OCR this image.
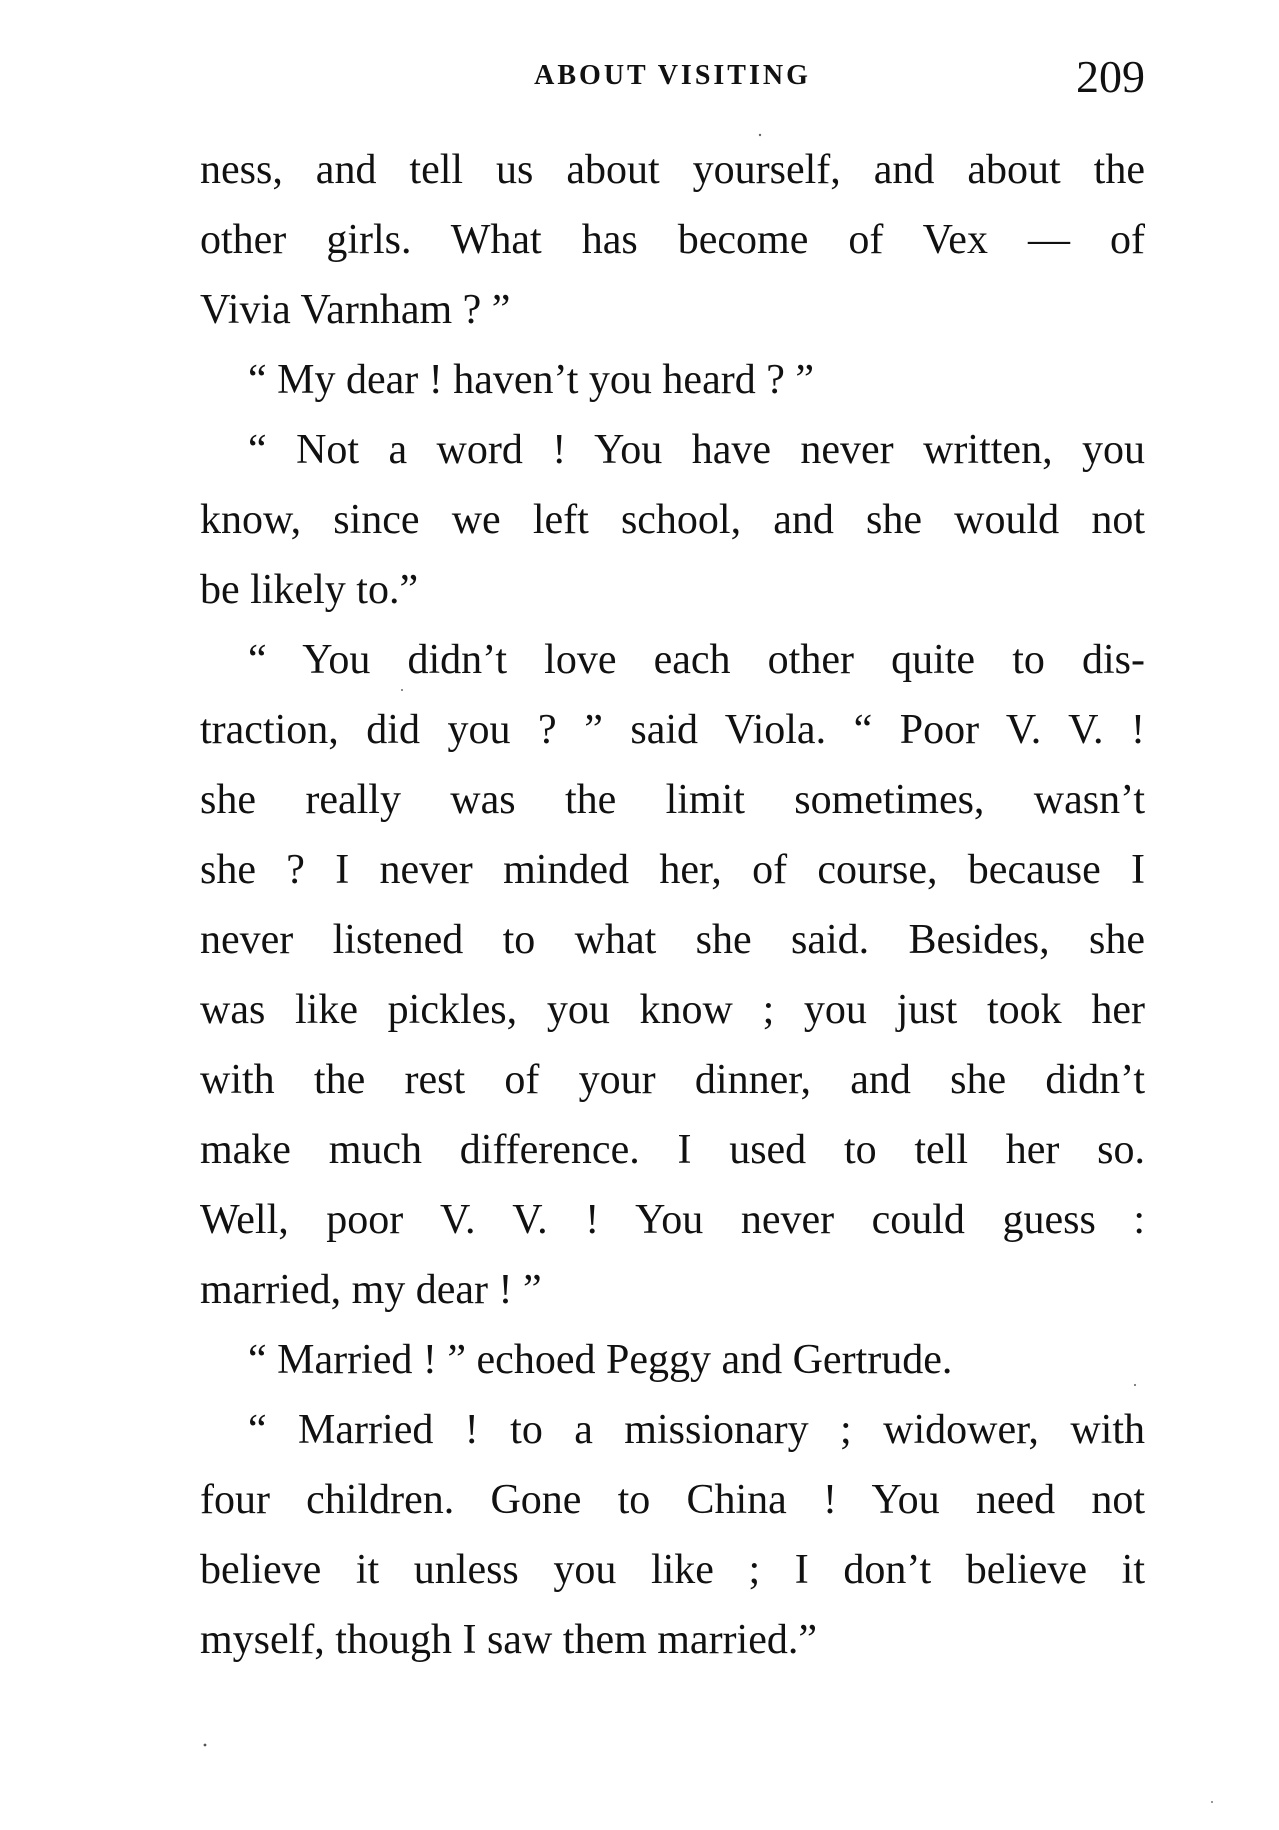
ABOUT VISITING	209
ness, and tell us about yourself, and about the
other girls. What has become of Vex — of
Vivia Varnham ? ”
“ My dear ! haven’t you heard ? ”
“ Not a word ! You have never written, you
know, since we left school, and she would not
be likely to.”
“ You didn’t love each other quite to dis-
traction, did you ? ” said Viola. “ Poor V. V. !
she really was the limit sometimes, wasn’t
she ? I never minded her, of course, because I
never listened to what she said. Besides, she
was like pickles, you know ; you just took her
with the rest of your dinner, and she didn’t
make much difference. I used to tell her so.
Well, poor V. V. ! You never could guess :
married, my dear ! ”
“ Married ! ” echoed Peggy and Gertrude.
“ Married ! to a missionary ; widower, with
four children. Gone to China ! You need not
believe it unless you like ; I don’t believe it
myself, though I saw them married.”
